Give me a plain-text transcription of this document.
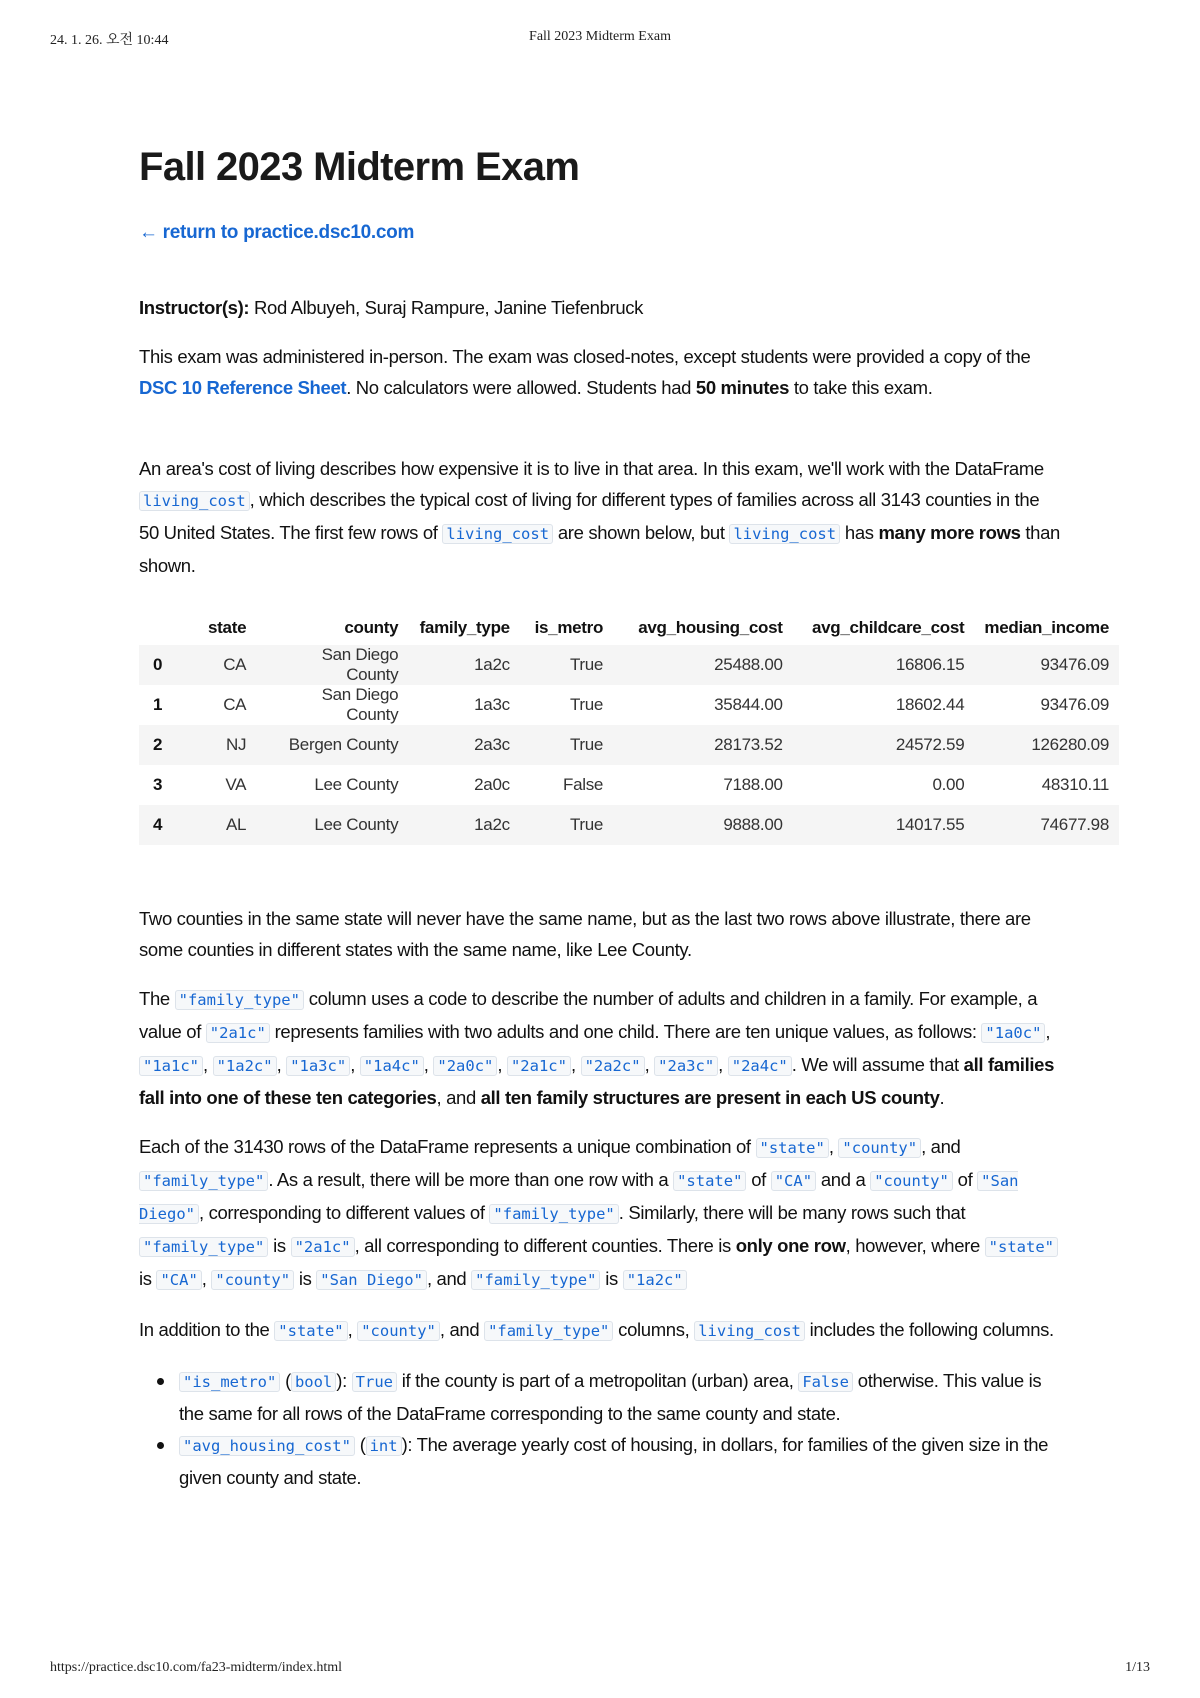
24. 1. 26. 오전 10:44	Fall 2023 Midterm Exam
Fall 2023 Midterm Exam
← return to practice.dsc10.com

Instructor(s): Rod Albuyeh, Suraj Rampure, Janine Tiefenbruck

This exam was administered in-person. The exam was closed-notes, except students were provided a copy of the DSC 10 Reference Sheet. No calculators were allowed. Students had 50 minutes to take this exam.

An area's cost of living describes how expensive it is to live in that area. In this exam, we'll work with the DataFrame living_cost , which describes the typical cost of living for different types of families across all 3143 counties in the 50 United States. The first few rows of living_cost are shown below, but living_cost has many more rows than shown.

	state	county	family_type	is_metro	avg_housing_cost	avg_childcare_cost	median_income
0	CA	San Diego County	1a2c	True	25488.00	16806.15	93476.09
1	CA	San Diego County	1a3c	True	35844.00	18602.44	93476.09
2	NJ	Bergen County	2a3c	True	28173.52	24572.59	126280.09
3	VA	Lee County	2a0c	False	7188.00	0.00	48310.11
4	AL	Lee County	1a2c	True	9888.00	14017.55	74677.98

Two counties in the same state will never have the same name, but as the last two rows above illustrate, there are some counties in different states with the same name, like Lee County.

The "family_type" column uses a code to describe the number of adults and children in a family. For example, a value of "2a1c" represents families with two adults and one child. There are ten unique values, as follows: "1a0c" , "1a1c" , "1a2c" , "1a3c" , "1a4c" , "2a0c" , "2a1c" , "2a2c" , "2a3c" , "2a4c" . We will assume that all families fall into one of these ten categories, and all ten family structures are present in each US county.

Each of the 31430 rows of the DataFrame represents a unique combination of "state" , "county" , and "family_type" . As a result, there will be more than one row with a "state" of "CA" and a "county" of "San Diego" , corresponding to different values of "family_type" . Similarly, there will be many rows such that "family_type" is "2a1c" , all corresponding to different counties. There is only one row, however, where "state" is "CA" , "county" is "San Diego" , and "family_type" is "1a2c"

In addition to the "state" , "county" , and "family_type" columns, living_cost includes the following columns.

"is_metro" ( bool ): True if the county is part of a metropolitan (urban) area, False otherwise. This value is the same for all rows of the DataFrame corresponding to the same county and state.
"avg_housing_cost" ( int ): The average yearly cost of housing, in dollars, for families of the given size in the given county and state.
https://practice.dsc10.com/fa23-midterm/index.html	1/13
